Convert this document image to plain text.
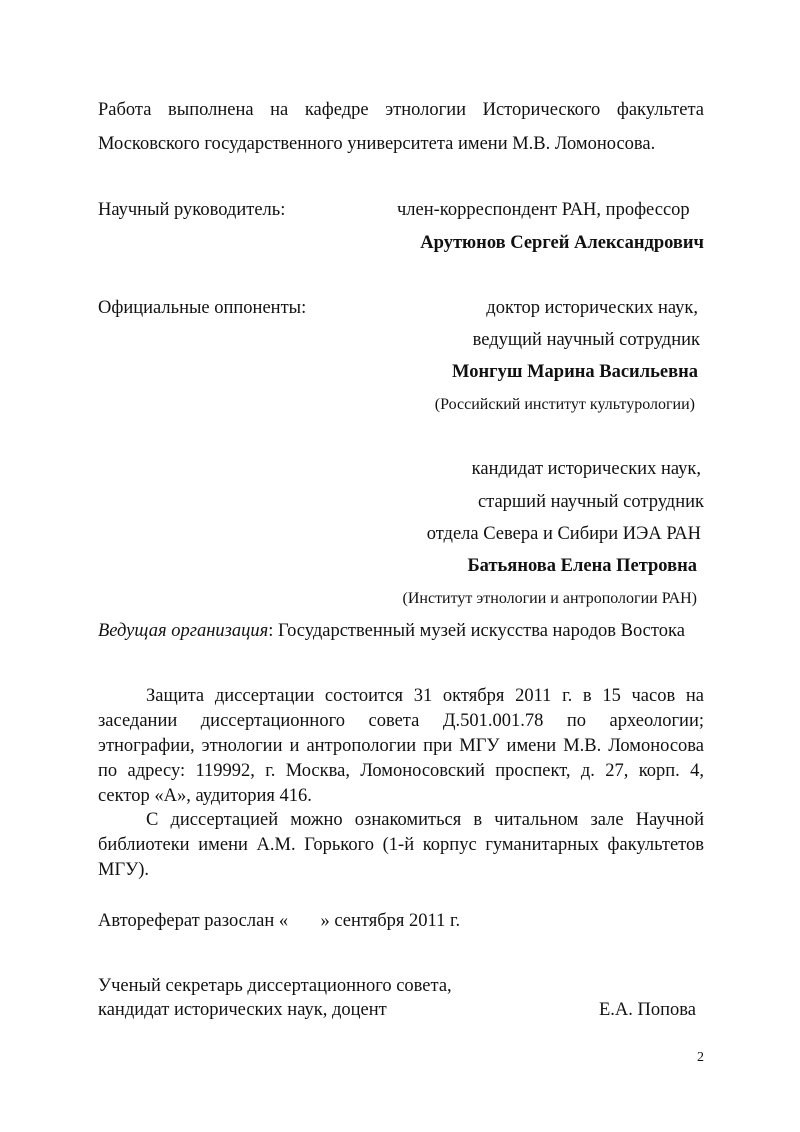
Работа выполнена на кафедре этнологии Исторического факультета
Московского государственного университета имени М.В. Ломоносова.
Научный руководитель:	член-корреспондент РАН, профессор
Арутюнов Сергей Александрович
Официальные оппоненты:	доктор исторических наук,
ведущий научный сотрудник
Монгуш Марина Васильевна
(Российский институт культурологии)
кандидат исторических наук,
старший научный сотрудник
отдела Севера и Сибири ИЭА РАН
Батьянова Елена Петровна
(Институт этнологии и антропологии РАН)
Ведущая организация: Государственный музей искусства народов Востока
Защита диссертации состоится 31 октября 2011 г. в 15 часов на
заседании диссертационного совета Д.501.001.78 по археологии;
этнографии, этнологии и антропологии при МГУ имени М.В. Ломоносова
по адресу: 119992, г. Москва, Ломоносовский проспект, д. 27, корп. 4,
сектор «А», аудитория 416.
С диссертацией можно ознакомиться в читальном зале Научной
библиотеки имени А.М. Горького (1-й корпус гуманитарных факультетов
МГУ).
Автореферат разослан «       » сентября 2011 г.
Ученый секретарь диссертационного совета,
кандидат исторических наук, доцент	Е.А. Попова
2
